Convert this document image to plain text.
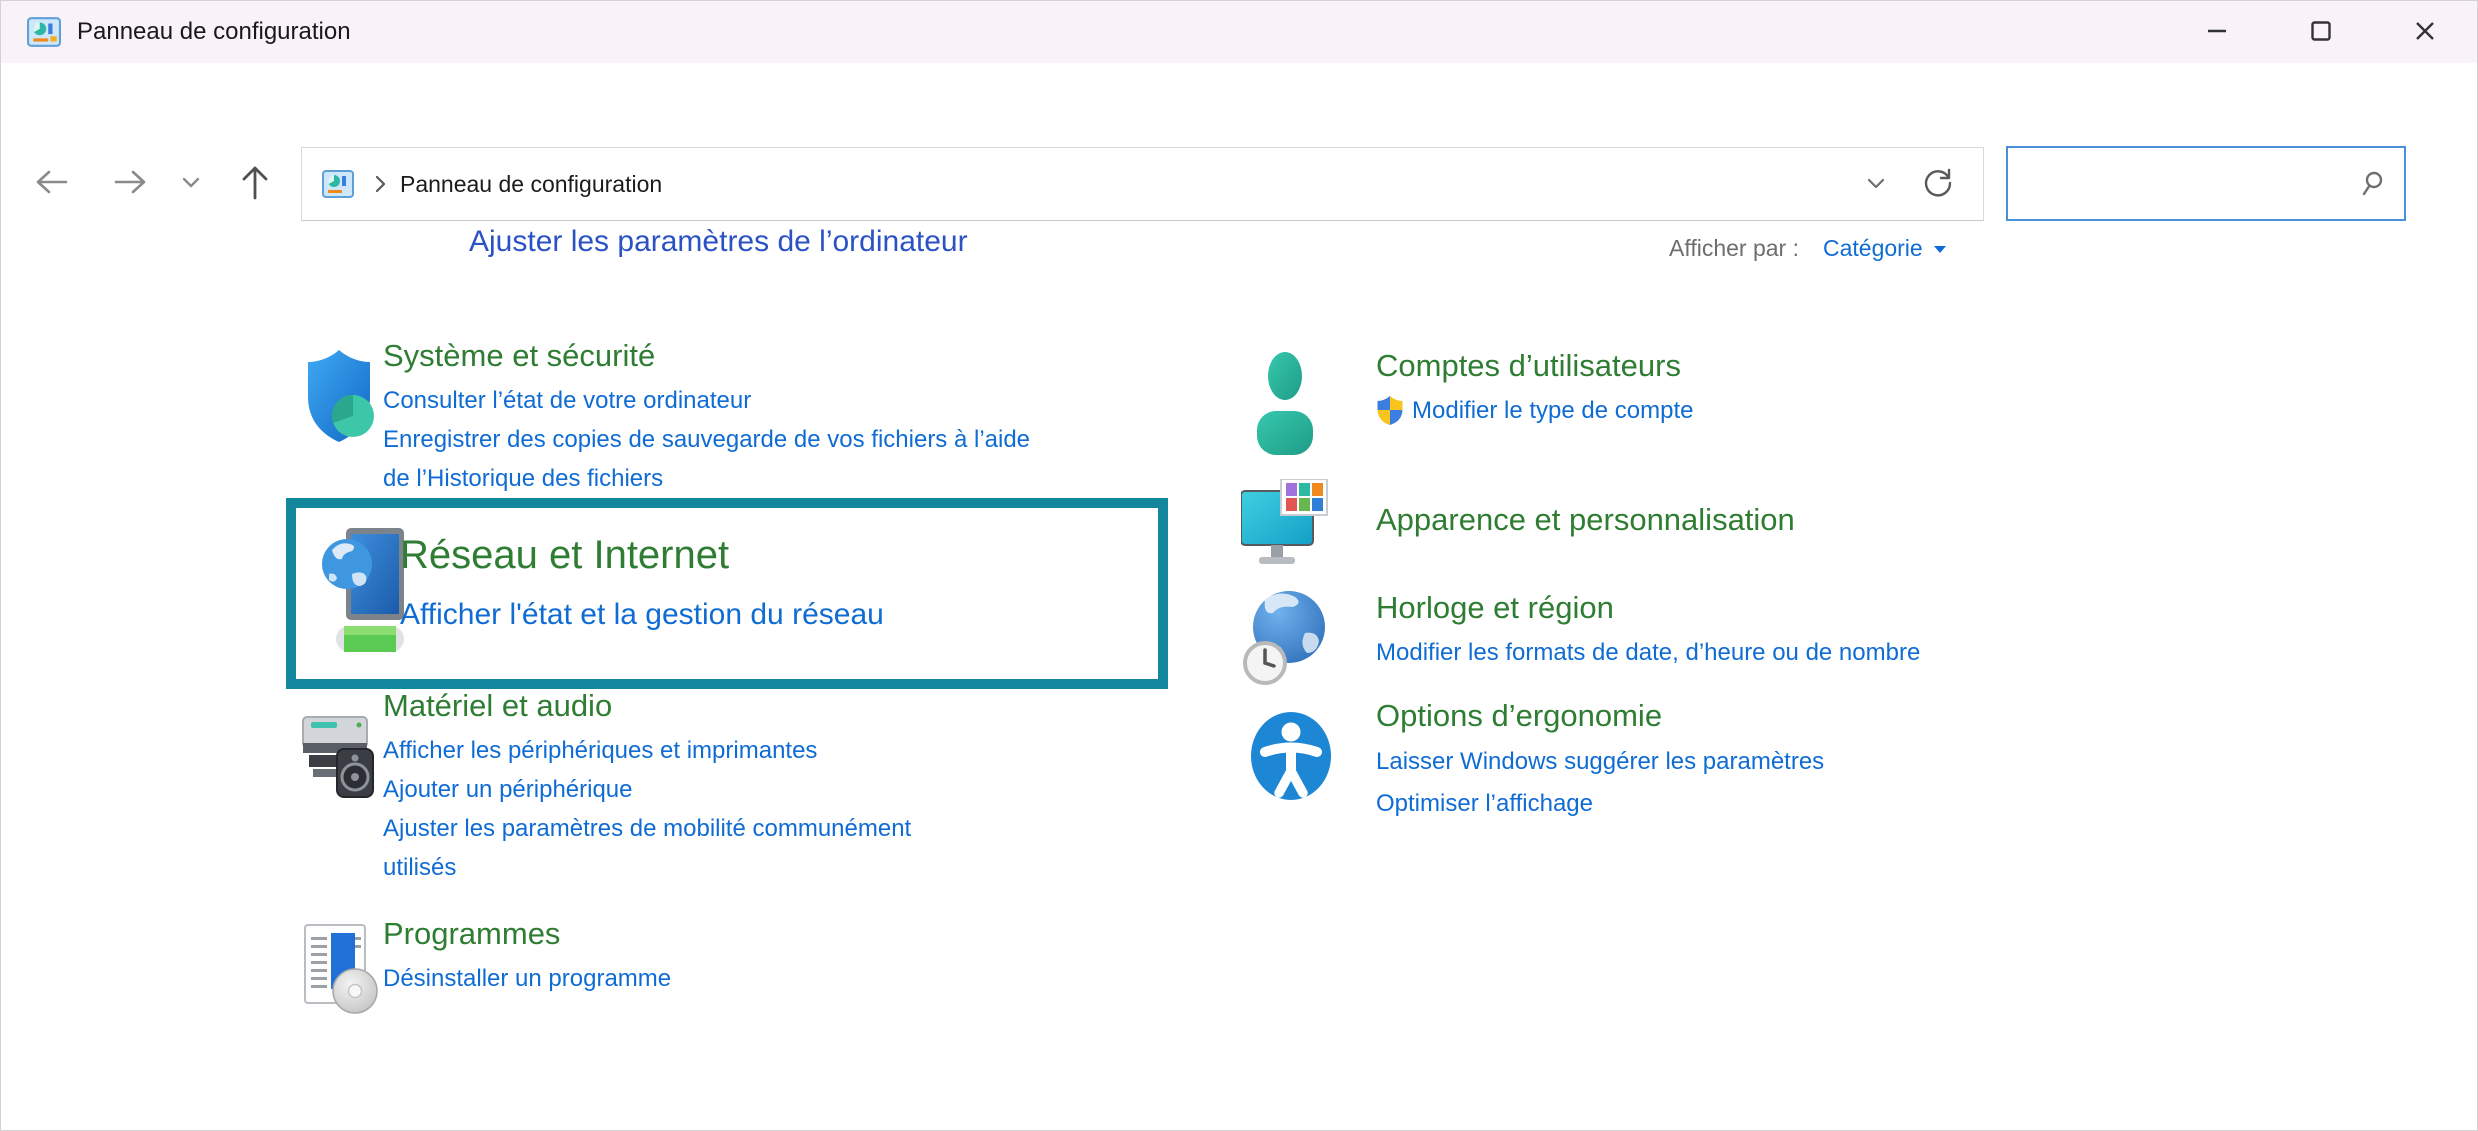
Panneau de configuration
Panneau de configuration
Ajuster les paramètres de l’ordinateur	Afficher par : Catégorie
Système et sécurité
Consulter l’état de votre ordinateur
Enregistrer des copies de sauvegarde de vos fichiers à l’aide de l’Historique des fichiers
Réseau et Internet
Afficher l'état et la gestion du réseau
Matériel et audio
Afficher les périphériques et imprimantes
Ajouter un périphérique
Ajuster les paramètres de mobilité communément utilisés
Programmes
Désinstaller un programme
Comptes d’utilisateurs
Modifier le type de compte
Apparence et personnalisation
Horloge et région
Modifier les formats de date, d’heure ou de nombre
Options d’ergonomie
Laisser Windows suggérer les paramètres
Optimiser l’affichage
